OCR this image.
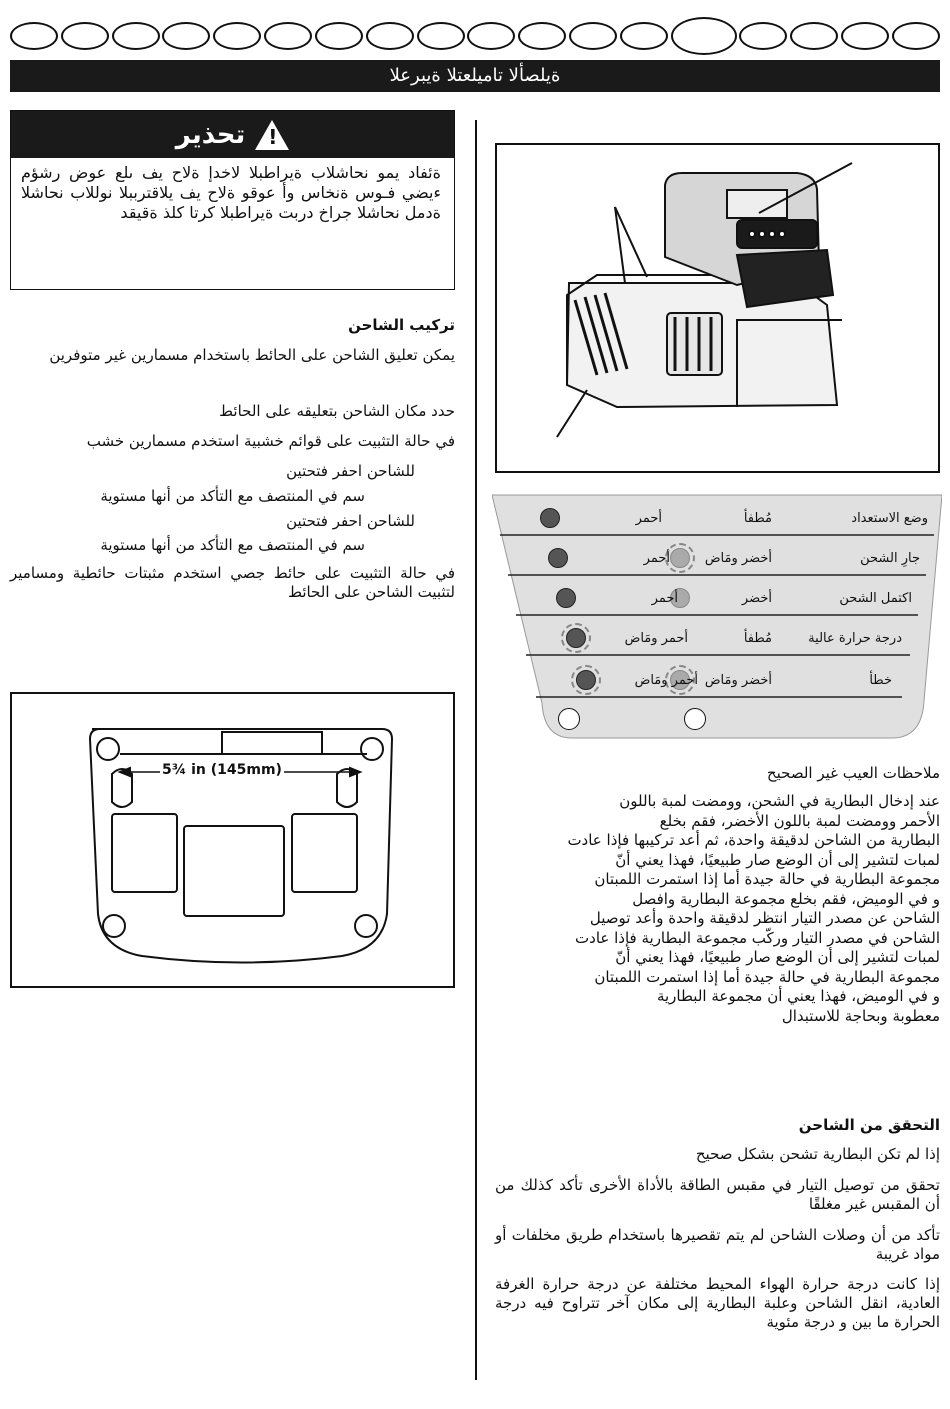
ةيلصألا تاميلعتلا ةيبرعلا
تحذير !
ةئفاد يمو نحاشلاب ةيراطبلا لاخدإ ةلاح يف ىلع عوض رشؤم ءيضي فـوس ةنخاس وأ عوقو ةلاح يف يلاقترببلا نوللاب نحاشلا ةدمل نحاشلا جراخ دربت ةيراطبلا كرتا كلذ ةقيقد
تركيب الشاحن
يمكن تعليق الشاحن على الحائط باستخدام مسمارين غير متوفرين
حدد مكان الشاحن بتعليقه على الحائط
في حالة التثبيت على قوائم خشبية استخدم مسمارين خشب
للشاحن احفر فتحتين
سم في المنتصف مع التأكد من أنها مستوية
للشاحن احفر فتحتين
سم في المنتصف مع التأكد من أنها مستوية
في حالة التثبيت على حائط جصي استخدم مثبتات حائطية ومسامير لتثبيت الشاحن على الحائط
وضع الاستعداد
مُطفأ
أحمر
جارِ الشحن
أخضر ومَاض
أحمر
اكتمل الشحن
أخضر
أحمر
درجة حرارة عالية
مُطفأ
أحمر ومَاض
خطأ
أخضر ومَاض
أحمر ومَاض
ملاحظات العيب غير الصحيح
عند إدخال البطارية في الشحن، وومضت لمبة باللون
الأحمر وومضت لمبة باللون الأخضر، فقم بخلع
البطارية من الشاحن لدقيقة واحدة، ثم أعد تركيبها فإذا عادت
لمبات لتشير إلى أن الوضع صار طبيعيًا، فهذا يعني أنّ
مجموعة البطارية في حالة جيدة أما إذا استمرت اللمبتان
و في الوميض، فقم بخلع مجموعة البطارية وافصل
الشاحن عن مصدر التيار انتظر لدقيقة واحدة وأعد توصيل
الشاحن في مصدر التيار وركّب مجموعة البطارية فإذا عادت
لمبات لتشير إلى أن الوضع صار طبيعيًا، فهذا يعني أنّ
مجموعة البطارية في حالة جيدة أما إذا استمرت اللمبتان
و في الوميض، فهذا يعني أن مجموعة البطارية
معطوبة وبحاجة للاستبدال
التحقق من الشاحن
إذا لم تكن البطارية تشحن بشكل صحيح
تحقق من توصيل التيار في مقبس الطاقة بالأداة الأخرى تأكد كذلك من أن المقبس غير مغلقًا
تأكد من أن وصلات الشاحن لم يتم تقصيرها باستخدام طريق مخلفات أو مواد غريبة
إذا كانت درجة حرارة الهواء المحيط مختلفة عن درجة حرارة الغرفة العادية، انقل الشاحن وعلبة البطارية إلى مكان آخر تتراوح فيه درجة الحرارة ما بين و درجة مئوية
5¾ in (145mm)
